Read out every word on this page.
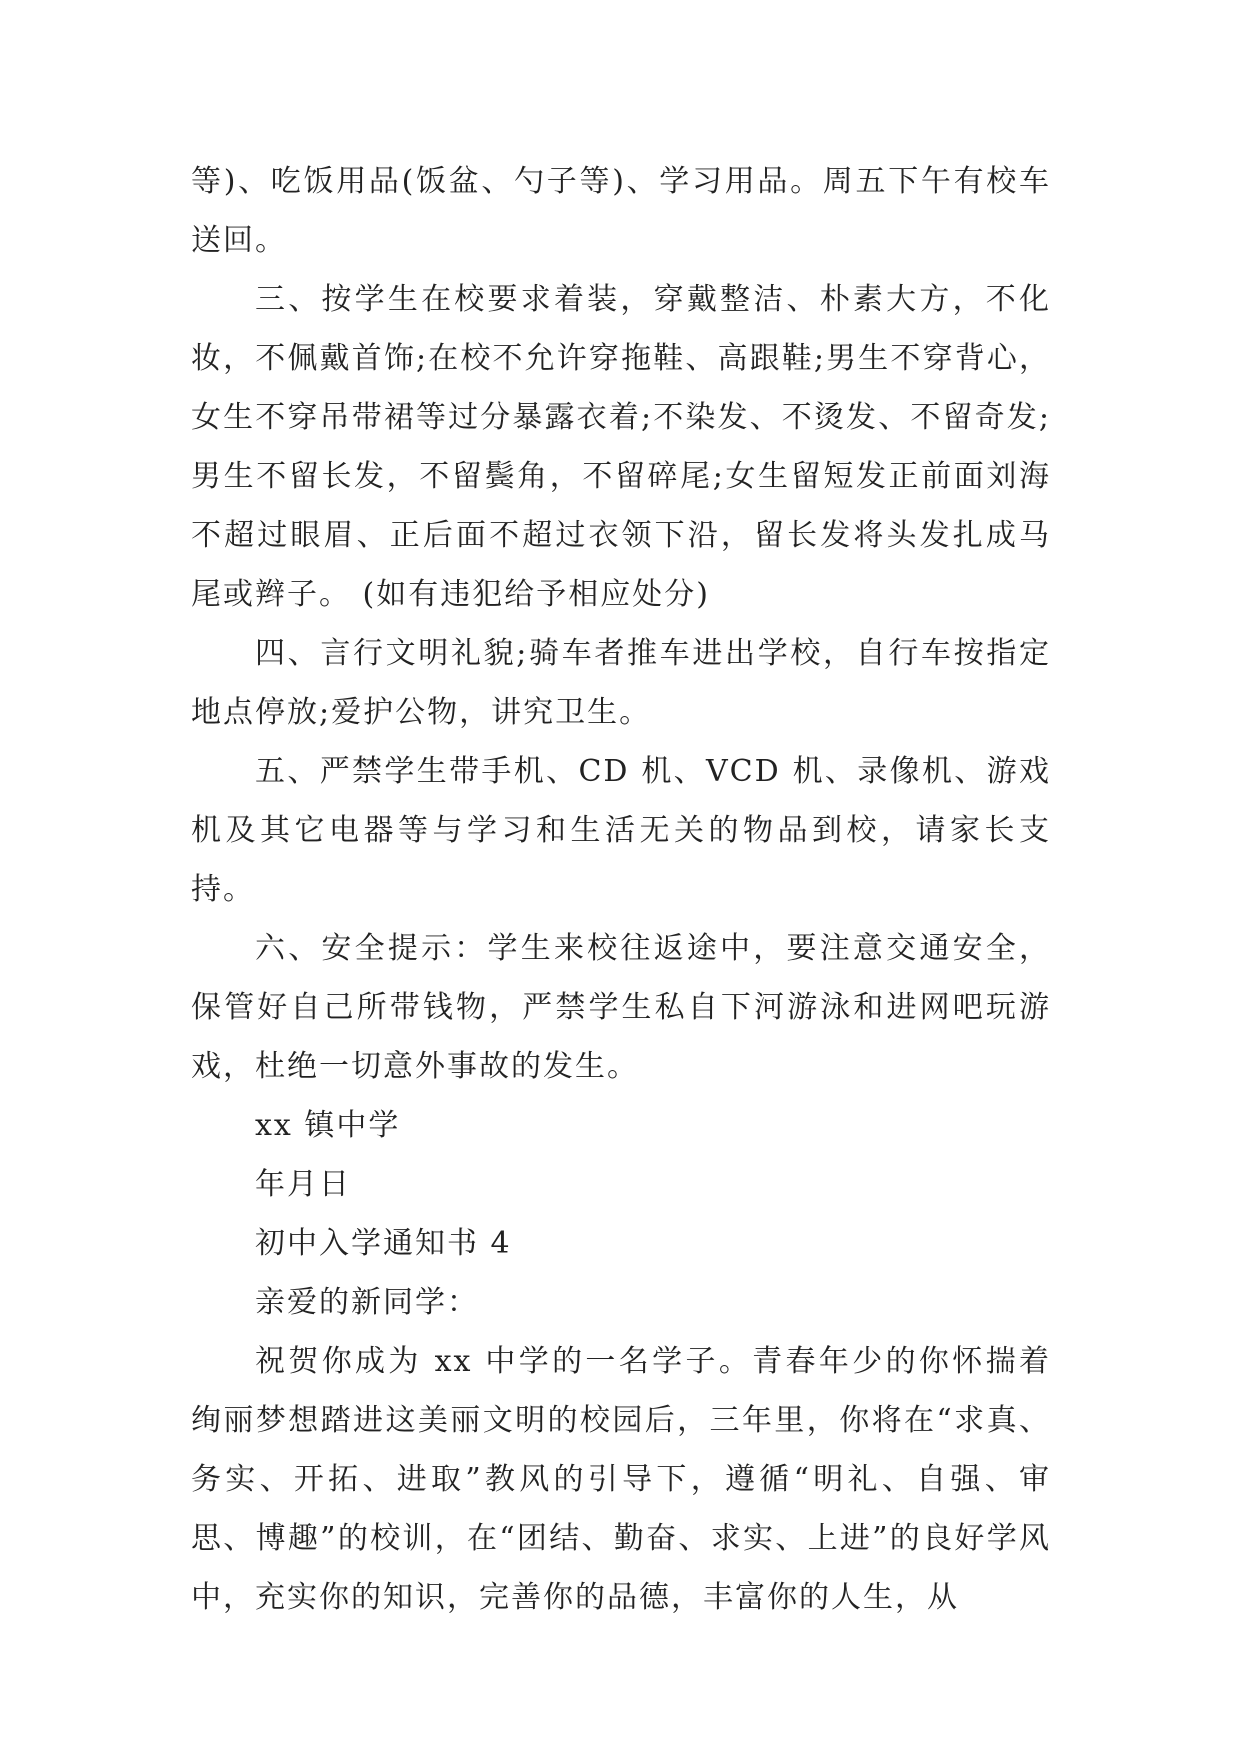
等)、吃饭用品(饭盆、勺子等)、学习用品。周五下午有校车送回。

三、按学生在校要求着装，穿戴整洁、朴素大方，不化妆，不佩戴首饰;在校不允许穿拖鞋、高跟鞋;男生不穿背心，女生不穿吊带裙等过分暴露衣着;不染发、不烫发、不留奇发;男生不留长发，不留鬓角，不留碎尾;女生留短发正前面刘海不超过眼眉、正后面不超过衣领下沿，留长发将头发扎成马尾或辫子。 (如有违犯给予相应处分)

四、言行文明礼貌;骑车者推车进出学校，自行车按指定地点停放;爱护公物，讲究卫生。

五、严禁学生带手机、CD 机、VCD 机、录像机、游戏机及其它电器等与学习和生活无关的物品到校，请家长支持。

六、安全提示：学生来校往返途中，要注意交通安全，保管好自己所带钱物，严禁学生私自下河游泳和进网吧玩游戏，杜绝一切意外事故的发生。

xx 镇中学

年月日

初中入学通知书 4

亲爱的新同学：

祝贺你成为 xx 中学的一名学子。青春年少的你怀揣着绚丽梦想踏进这美丽文明的校园后，三年里，你将在“求真、务实、开拓、进取”教风的引导下，遵循“明礼、自强、审思、博趣”的校训，在“团结、勤奋、求实、上进”的良好学风中，充实你的知识，完善你的品德，丰富你的人生，从
